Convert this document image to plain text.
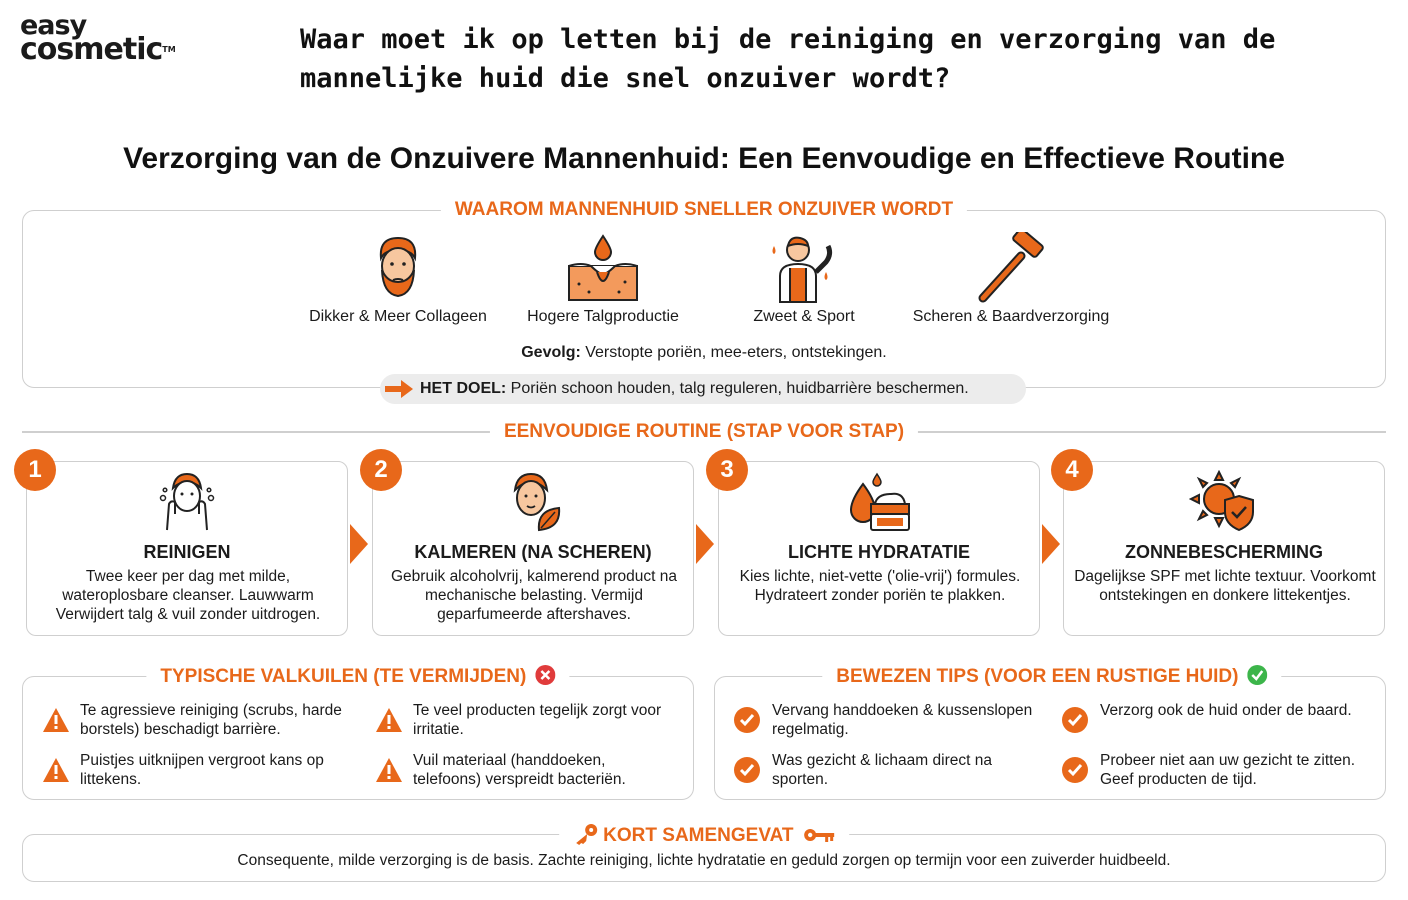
easy
cosmetic™	Waar moet ik op letten bij de reiniging en verzorging van de mannelijke huid die snel onzuiver wordt?
Verzorging van de Onzuivere Mannenhuid: Een Eenvoudige en Effectieve Routine
WAAROM MANNENHUID SNELLER ONZUIVER WORDT
Dikker & Meer Collageen	Hogere Talgproductie	Zweet & Sport	Scheren & Baardverzorging
Gevolg: Verstopte poriën, mee-eters, ontstekingen.
HET DOEL: Poriën schoon houden, talg reguleren, huidbarrière beschermen.
EENVOUDIGE ROUTINE (STAP VOOR STAP)
REINIGEN
Twee keer per dag met milde, wateroplosbare cleanser. Lauwwarm Verwijdert talg & vuil zonder uitdrogen.
1
KALMEREN (NA SCHEREN)
Gebruik alcoholvrij, kalmerend product na mechanische belasting. Vermijd geparfumeerde aftershaves.
2
LICHTE HYDRATATIE
Kies lichte, niet-vette ('olie-vrij') formules. Hydrateert zonder poriën te plakken.
3
ZONNEBESCHERMING
Dagelijkse SPF met lichte textuur. Voorkomt ontstekingen en donkere littekentjes.
4
TYPISCHE VALKUILEN (TE VERMIJDEN)
Te agressieve reiniging (scrubs, harde borstels) beschadigt barrière.
Te veel producten tegelijk zorgt voor irritatie.
Puistjes uitknijpen vergroot kans op littekens.
Vuil materiaal (handdoeken, telefoons) verspreidt bacteriën.
BEWEZEN TIPS (VOOR EEN RUSTIGE HUID)
Vervang handdoeken & kussenslopen regelmatig.
Verzorg ook de huid onder de baard.
Was gezicht & lichaam direct na sporten.
Probeer niet aan uw gezicht te zitten. Geef producten de tijd.
KORT SAMENGEVAT
Consequente, milde verzorging is de basis. Zachte reiniging, lichte hydratatie en geduld zorgen op termijn voor een zuiverder huidbeeld.
